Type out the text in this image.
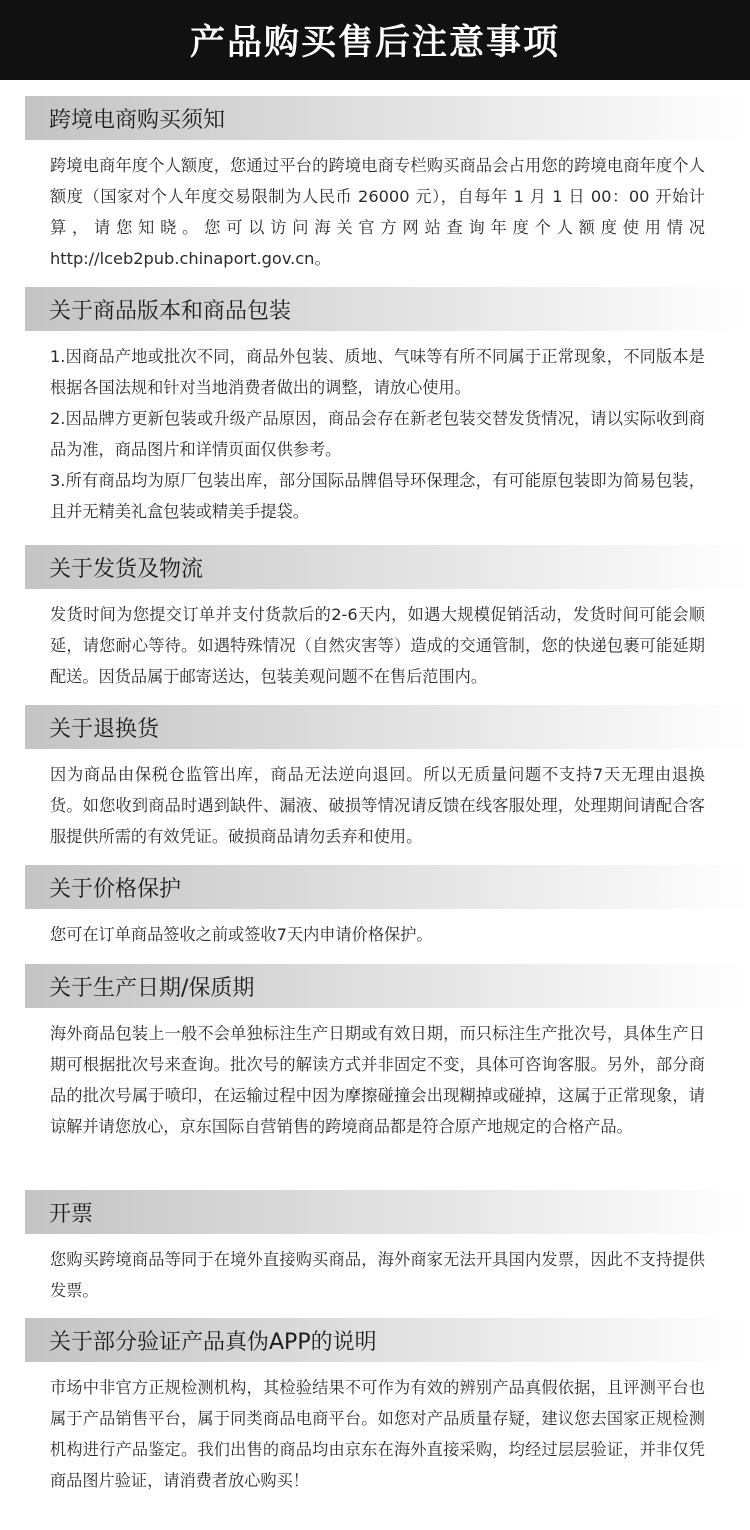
产品购买售后注意事项
跨境电商购买须知

跨境电商年度个人额度，您通过平台的跨境电商专栏购买商品会占用您的跨境电商年度个人额度（国家对个人年度交易限制为人民币 26000 元），自每年 1 月 1 日 00：00 开始计算，请您知晓。您可以访问海关官方网站查询年度个人额度使用情况 http://lceb2pub.chinaport.gov.cn。

关于商品版本和商品包装

1.因商品产地或批次不同，商品外包装、质地、气味等有所不同属于正常现象，不同版本是根据各国法规和针对当地消费者做出的调整，请放心使用。

2.因品牌方更新包装或升级产品原因，商品会存在新老包装交替发货情况，请以实际收到商品为准，商品图片和详情页面仅供参考。

3.所有商品均为原厂包装出库，部分国际品牌倡导环保理念，有可能原包装即为简易包装，且并无精美礼盒包装或精美手提袋。

关于发货及物流

发货时间为您提交订单并支付货款后的2-6天内，如遇大规模促销活动，发货时间可能会顺延，请您耐心等待。如遇特殊情况（自然灾害等）造成的交通管制，您的快递包裹可能延期配送。因货品属于邮寄送达，包装美观问题不在售后范围内。

关于退换货

因为商品由保税仓监管出库，商品无法逆向退回。所以无质量问题不支持7天无理由退换货。如您收到商品时遇到缺件、漏液、破损等情况请反馈在线客服处理，处理期间请配合客服提供所需的有效凭证。破损商品请勿丢弃和使用。

关于价格保护

您可在订单商品签收之前或签收7天内申请价格保护。

关于生产日期/保质期

海外商品包装上一般不会单独标注生产日期或有效日期，而只标注生产批次号，具体生产日期可根据批次号来查询。批次号的解读方式并非固定不变，具体可咨询客服。另外，部分商品的批次号属于喷印，在运输过程中因为摩擦碰撞会出现糊掉或碰掉，这属于正常现象，请谅解并请您放心，京东国际自营销售的跨境商品都是符合原产地规定的合格产品。

开票

您购买跨境商品等同于在境外直接购买商品，海外商家无法开具国内发票，因此不支持提供发票。

关于部分验证产品真伪APP的说明

市场中非官方正规检测机构，其检验结果不可作为有效的辨别产品真假依据，且评测平台也属于产品销售平台，属于同类商品电商平台。如您对产品质量存疑，建议您去国家正规检测机构进行产品鉴定。我们出售的商品均由京东在海外直接采购，均经过层层验证，并非仅凭商品图片验证，请消费者放心购买！
